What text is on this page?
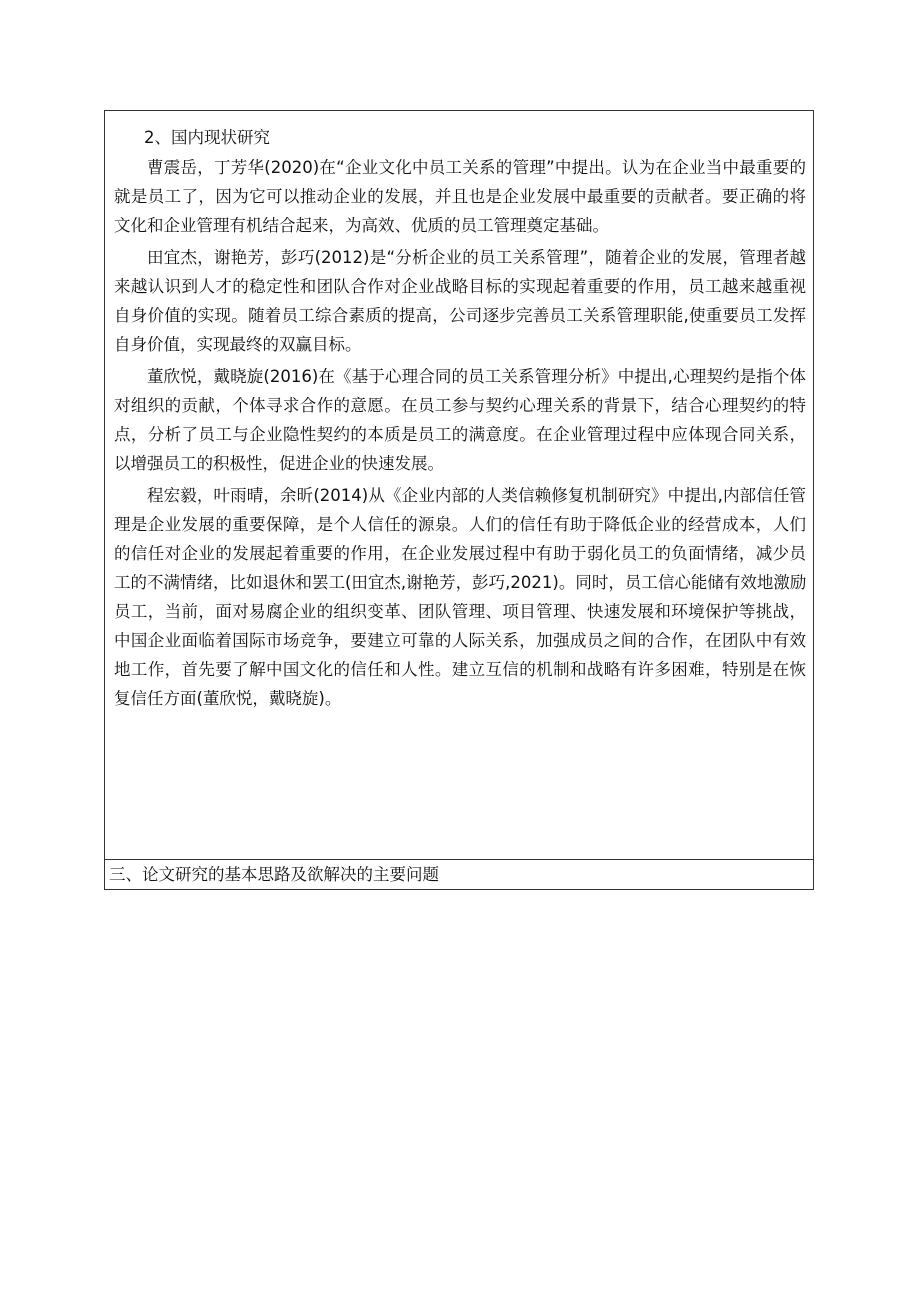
2、国内现状研究

曹震岳，丁芳华(2020)在“企业文化中员工关系的管理”中提出。认为在企业当中最重要的
就是员工了，因为它可以推动企业的发展，并且也是企业发展中最重要的贡献者。要正确的将
文化和企业管理有机结合起来，为高效、优质的员工管理奠定基础。
田宜杰，谢艳芳，彭巧(2012)是“分析企业的员工关系管理”，随着企业的发展，管理者越
来越认识到人才的稳定性和团队合作对企业战略目标的实现起着重要的作用，员工越来越重视
自身价值的实现。随着员工综合素质的提高，公司逐步完善员工关系管理职能,使重要员工发挥
自身价值，实现最终的双赢目标。
董欣悦，戴晓旋(2016)在《基于心理合同的员工关系管理分析》中提出,心理契约是指个体
对组织的贡献，个体寻求合作的意愿。在员工参与契约心理关系的背景下，结合心理契约的特
点，分析了员工与企业隐性契约的本质是员工的满意度。在企业管理过程中应体现合同关系，
以增强员工的积极性，促进企业的快速发展。
程宏毅，叶雨晴，余昕(2014)从《企业内部的人类信赖修复机制研究》中提出,内部信任管
理是企业发展的重要保障，是个人信任的源泉。人们的信任有助于降低企业的经营成本，人们
的信任对企业的发展起着重要的作用，在企业发展过程中有助于弱化员工的负面情绪，减少员
工的不满情绪，比如退休和罢工(田宜杰,谢艳芳，彭巧,2021)。同时，员工信心能储有效地激励
员工，当前，面对易腐企业的组织变革、团队管理、项目管理、快速发展和环境保护等挑战，
中国企业面临着国际市场竞争，要建立可靠的人际关系，加强成员之间的合作，在团队中有效
地工作，首先要了解中国文化的信任和人性。建立互信的机制和战略有许多困难，特别是在恢
复信任方面(董欣悦，戴晓旋)。
三、论文研究的基本思路及欲解决的主要问题
